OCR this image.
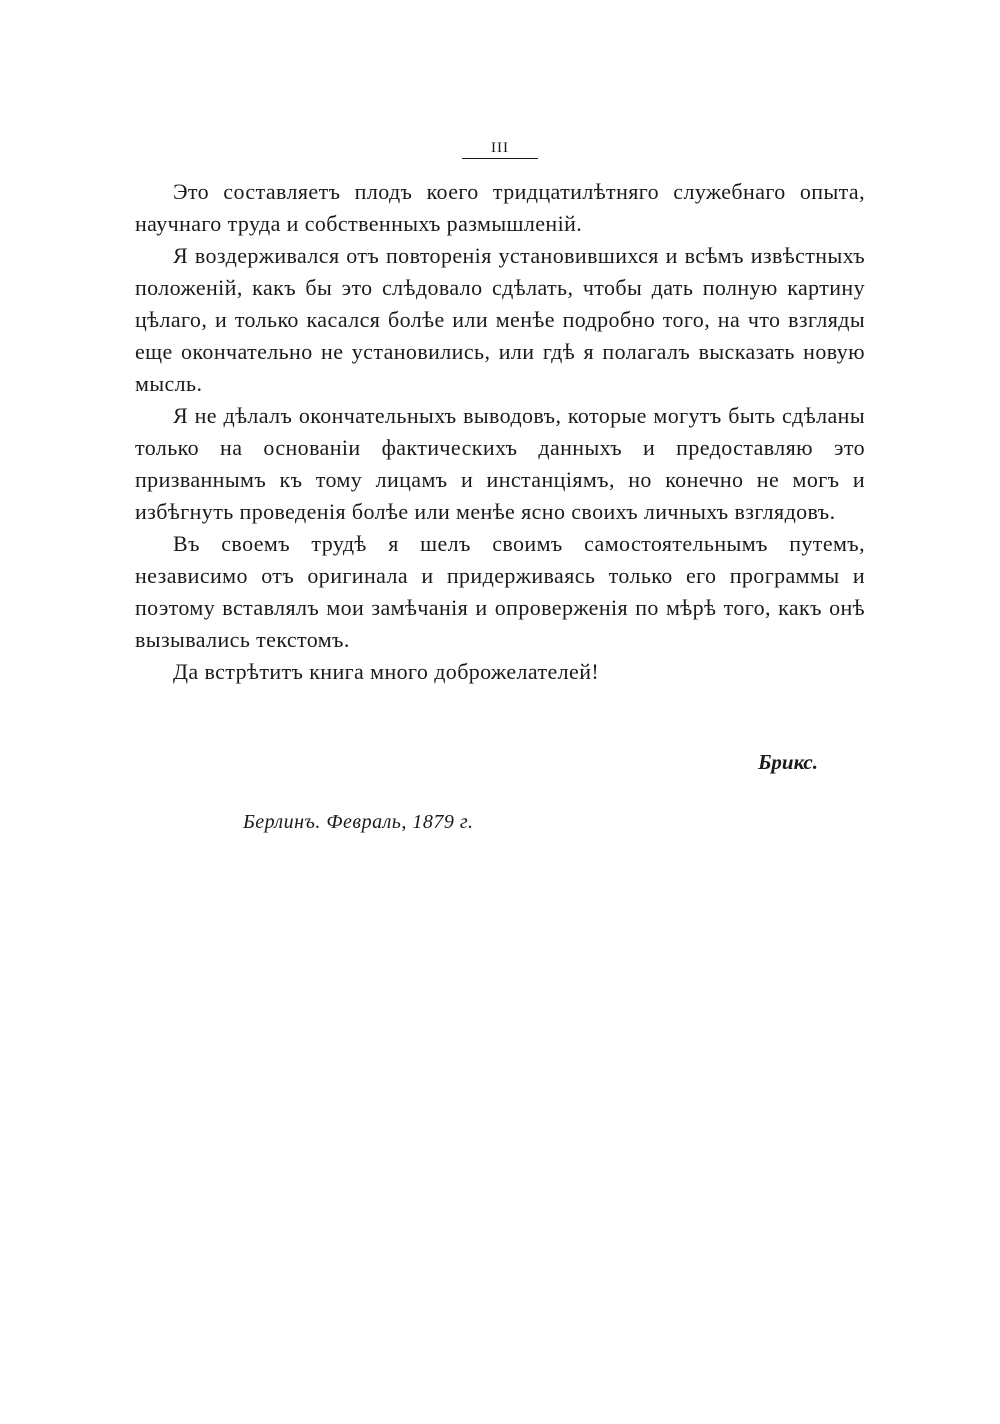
III

Это составляетъ плодъ коего тридцатилѣтняго служебнаго опыта, научнаго труда и собственныхъ размышленій.

Я воздерживался отъ повторенія установившихся и всѣмъ извѣстныхъ положеній, какъ бы это слѣдовало сдѣлать, чтобы дать полную картину цѣлаго, и только касался болѣе или менѣе подробно того, на что взгляды еще окончательно не установились, или гдѣ я полагалъ высказать новую мысль.

Я не дѣлалъ окончательныхъ выводовъ, которые могутъ быть сдѣланы только на основаніи фактическихъ данныхъ и предоставляю это призваннымъ къ тому лицамъ и инстанціямъ, но конечно не могъ и избѣгнуть проведенія болѣе или менѣе ясно своихъ личныхъ взглядовъ.

Въ своемъ трудѣ я шелъ своимъ самостоятельнымъ путемъ, независимо отъ оригинала и придерживаясь только его программы и поэтому вставлялъ мои замѣчанія и опроверженія по мѣрѣ того, какъ онѣ вызывались текстомъ.

Да встрѣтитъ книга много доброжелателей!

Брикс.
Берлинъ. Февраль, 1879 г.
